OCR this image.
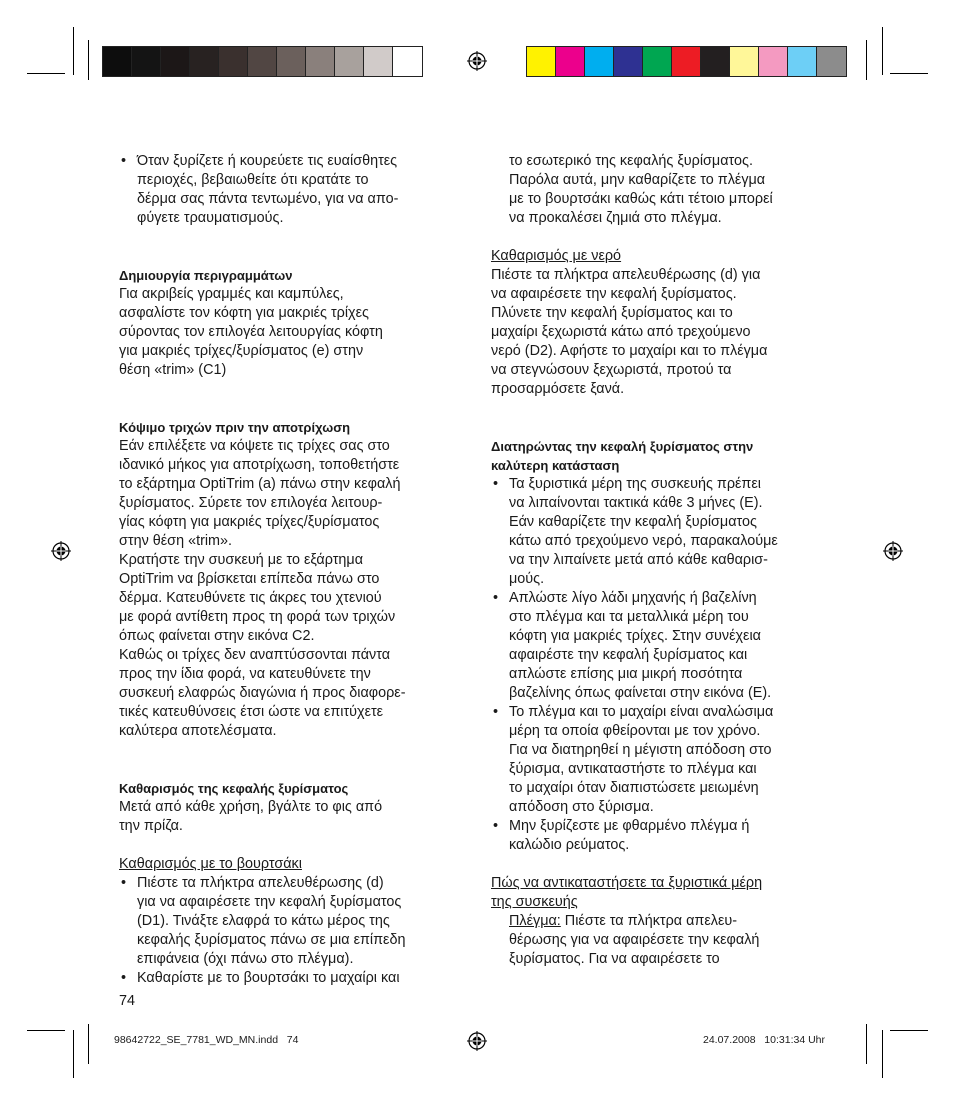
• Όταν ξυρίζετε ή κουρεύετε τις ευαίσθητες
περιοχές, βεβαιωθείτε ότι κρατάτε το
δέρμα σας πάντα τεντωμένο, για να απο-
φύγετε τραυματισμούς.

Δημιουργία περιγραμμάτων

Για ακριβείς γραμμές και καμπύλες,
ασφαλίστε τον κόφτη για μακριές τρίχες
σύροντας τον επιλογέα λειτουργίας κόφτη
για μακριές τρίχες/ξυρίσματος (e) στην
θέση «trim» (C1)

Κόψιμο τριχών πριν την αποτρίχωση

Εάν επιλέξετε να κόψετε τις τρίχες σας στο
ιδανικό μήκος για αποτρίχωση, τοποθετήστε
το εξάρτημα OptiTrim (a) πάνω στην κεφαλή
ξυρίσματος. Σύρετε τον επιλογέα λειτουρ-
γίας κόφτη για μακριές τρίχες/ξυρίσματος
στην θέση «trim».
Κρατήστε την συσκευή με το εξάρτημα
OptiTrim να βρίσκεται επίπεδα πάνω στο
δέρμα. Κατευθύνετε τις άκρες του χτενιού
με φορά αντίθετη προς τη φορά των τριχών
όπως φαίνεται στην εικόνα C2.
Καθώς οι τρίχες δεν αναπτύσσονται πάντα
προς την ίδια φορά, να κατευθύνετε την
συσκευή ελαφρώς διαγώνια ή προς διαφορε-
τικές κατευθύνσεις έτσι ώστε να επιτύχετε
καλύτερα αποτελέσματα.

Καθαρισμός της κεφαλής ξυρίσματος

Μετά από κάθε χρήση, βγάλτε το φις από
την πρίζα.

Καθαρισμός με το βουρτσάκι

• Πιέστε τα πλήκτρα απελευθέρωσης (d)
για να αφαιρέσετε την κεφαλή ξυρίσματος
(D1). Τινάξτε ελαφρά το κάτω μέρος της
κεφαλής ξυρίσματος πάνω σε μια επίπεδη
επιφάνεια (όχι πάνω στο πλέγμα).
• Καθαρίστε με το βουρτσάκι το μαχαίρι και

74

το εσωτερικό της κεφαλής ξυρίσματος.
Παρόλα αυτά, μην καθαρίζετε το πλέγμα
με το βουρτσάκι καθώς κάτι τέτοιο μπορεί
να προκαλέσει ζημιά στο πλέγμα.

Καθαρισμός με νερό

Πιέστε τα πλήκτρα απελευθέρωσης (d) για
να αφαιρέσετε την κεφαλή ξυρίσματος.
Πλύνετε την κεφαλή ξυρίσματος και το
μαχαίρι ξεχωριστά κάτω από τρεχούμενο
νερό (D2). Αφήστε το μαχαίρι και το πλέγμα
να στεγνώσουν ξεχωριστά, προτού τα
προσαρμόσετε ξανά.

Διατηρώντας την κεφαλή ξυρίσματος στην
καλύτερη κατάσταση

• Τα ξυριστικά μέρη της συσκευής πρέπει
να λιπαίνονται τακτικά κάθε 3 μήνες (E).
Εάν καθαρίζετε την κεφαλή ξυρίσματος
κάτω από τρεχούμενο νερό, παρακαλούμε
να την λιπαίνετε μετά από κάθε καθαρισ-
μούς.
• Απλώστε λίγο λάδι μηχανής ή βαζελίνη
στο πλέγμα και τα μεταλλικά μέρη του
κόφτη για μακριές τρίχες. Στην συνέχεια
αφαιρέστε την κεφαλή ξυρίσματος και
απλώστε επίσης μια μικρή ποσότητα
βαζελίνης όπως φαίνεται στην εικόνα (E).
• Το πλέγμα και το μαχαίρι είναι αναλώσιμα
μέρη τα οποία φθείρονται με τον χρόνο.
Για να διατηρηθεί η μέγιστη απόδοση στο
ξύρισμα, αντικαταστήστε το πλέγμα και
το μαχαίρι όταν διαπιστώσετε μειωμένη
απόδοση στο ξύρισμα.
• Μην ξυρίζεστε με φθαρμένο πλέγμα ή
καλώδιο ρεύματος.

Πώς να αντικαταστήσετε τα ξυριστικά μέρη
της συσκευής

Πλέγμα: Πιέστε τα πλήκτρα απελευ-
θέρωσης για να αφαιρέσετε την κεφαλή
ξυρίσματος. Για να αφαιρέσετε το

98642722_SE_7781_WD_MN.indd   74	24.07.2008   10:31:34 Uhr
